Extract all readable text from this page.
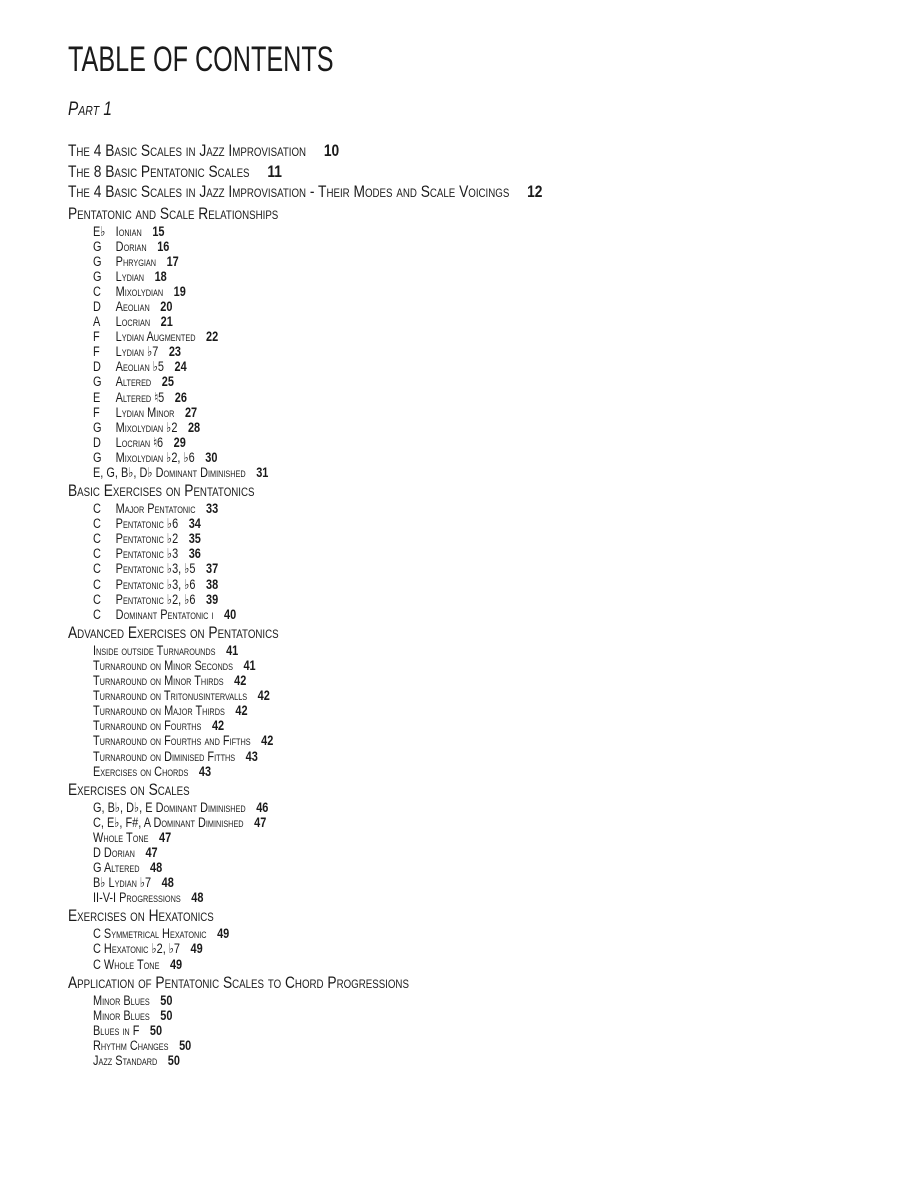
TABLE OF CONTENTS
Part 1
The 4 Basic Scales in Jazz Improvisation 10
The 8 Basic Pentatonic Scales 11
The 4 Basic Scales in Jazz Improvisation - Their Modes and Scale Voicings 12
Pentatonic and Scale Relationships
E♭ Ionian 15
G Dorian 16
G Phrygian 17
G Lydian 18
C Mixolydian 19
D Aeolian 20
A Locrian 21
F Lydian Augmented 22
F Lydian ♭7 23
D Aeolian ♭5 24
G Altered 25
E Altered ♮5 26
F Lydian Minor 27
G Mixolydian ♭2 28
D Locrian ♮6 29
G Mixolydian ♭2, ♭6 30
E, G, B♭, D♭ Dominant Diminished 31
Basic Exercises on Pentatonics
C Major Pentatonic 33
C Pentatonic ♭6 34
C Pentatonic ♭2 35
C Pentatonic ♭3 36
C Pentatonic ♭3, ♭5 37
C Pentatonic ♭3, ♭6 38
C Pentatonic ♭2, ♭6 39
C Dominant Pentatonic i 40
Advanced Exercises on Pentatonics
Inside outside Turnarounds 41
Turnaround on Minor Seconds 41
Turnaround on Minor Thirds 42
Turnaround on Tritonusintervalls 42
Turnaround on Major Thirds 42
Turnaround on Fourths 42
Turnaround on Fourths and Fifths 42
Turnaround on Diminised Fitths 43
Exercises on Chords 43
Exercises on Scales
G, B♭, D♭, E Dominant Diminished 46
C, E♭, F#, A Dominant Diminished 47
Whole Tone 47
D Dorian 47
G Altered 48
B♭ Lydian ♭7 48
II-V-I Progressions 48
Exercises on Hexatonics
C Symmetrical Hexatonic 49
C Hexatonic ♭2, ♭7 49
C Whole Tone 49
Application of Pentatonic Scales to Chord Progressions
Minor Blues 50
Minor Blues 50
Blues in F 50
Rhythm Changes 50
Jazz Standard 50
